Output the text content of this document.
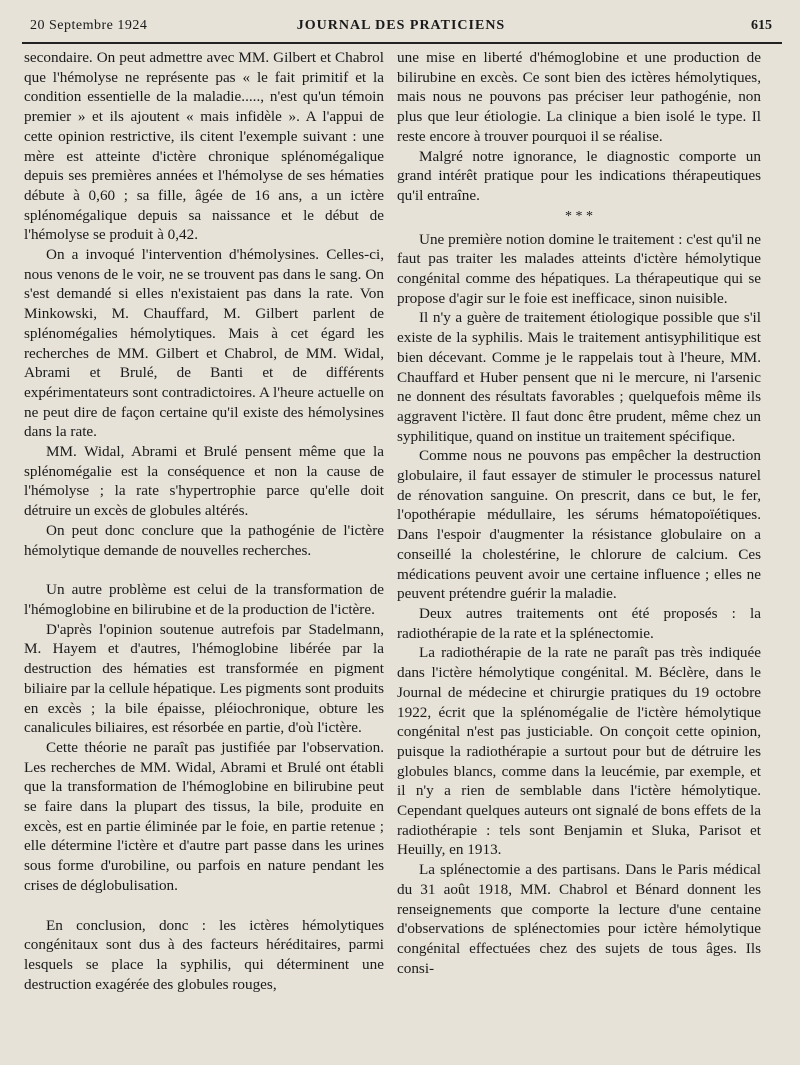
20 Septembre 1924	JOURNAL DES PRATICIENS	615

secondaire. On peut admettre avec MM. Gilbert et Chabrol que l'hémolyse ne représente pas « le fait primitif et la condition essentielle de la maladie....., n'est qu'un témoin premier » et ils ajoutent « mais infidèle ». A l'appui de cette opinion restrictive, ils citent l'exemple suivant : une mère est atteinte d'ictère chronique splénomégalique depuis ses premières années et l'hémolyse de ses hématies débute à 0,60 ; sa fille, âgée de 16 ans, a un ictère splénomégalique depuis sa naissance et le début de l'hémolyse se produit à 0,42.

On a invoqué l'intervention d'hémolysines. Celles-ci, nous venons de le voir, ne se trouvent pas dans le sang. On s'est demandé si elles n'existaient pas dans la rate. Von Minkowski, M. Chauffard, M. Gilbert parlent de splénomégalies hémolytiques. Mais à cet égard les recherches de MM. Gilbert et Chabrol, de MM. Widal, Abrami et Brulé, de Banti et de différents expérimentateurs sont contradictoires. A l'heure actuelle on ne peut dire de façon certaine qu'il existe des hémolysines dans la rate.

MM. Widal, Abrami et Brulé pensent même que la splénomégalie est la conséquence et non la cause de l'hémolyse ; la rate s'hypertrophie parce qu'elle doit détruire un excès de globules altérés.

On peut donc conclure que la pathogénie de l'ictère hémolytique demande de nouvelles recherches.

Un autre problème est celui de la transformation de l'hémoglobine en bilirubine et de la production de l'ictère.

D'après l'opinion soutenue autrefois par Stadelmann, M. Hayem et d'autres, l'hémoglobine libérée par la destruction des hématies est transformée en pigment biliaire par la cellule hépatique. Les pigments sont produits en excès ; la bile épaisse, pléiochronique, obture les canalicules biliaires, est résorbée en partie, d'où l'ictère.

Cette théorie ne paraît pas justifiée par l'observation. Les recherches de MM. Widal, Abrami et Brulé ont établi que la transformation de l'hémoglobine en bilirubine peut se faire dans la plupart des tissus, la bile, produite en excès, est en partie éliminée par le foie, en partie retenue ; elle détermine l'ictère et d'autre part passe dans les urines sous forme d'urobiline, ou parfois en nature pendant les crises de déglobulisation.

En conclusion, donc : les ictères hémolytiques congénitaux sont dus à des facteurs héréditaires, parmi lesquels se place la syphilis, qui déterminent une destruction exagérée des globules rouges,

une mise en liberté d'hémoglobine et une production de bilirubine en excès. Ce sont bien des ictères hémolytiques, mais nous ne pouvons pas préciser leur pathogénie, non plus que leur étiologie. La clinique a bien isolé le type. Il reste encore à trouver pourquoi il se réalise.

Malgré notre ignorance, le diagnostic comporte un grand intérêt pratique pour les indications thérapeutiques qu'il entraîne.

* * *

Une première notion domine le traitement : c'est qu'il ne faut pas traiter les malades atteints d'ictère hémolytique congénital comme des hépatiques. La thérapeutique qui se propose d'agir sur le foie est inefficace, sinon nuisible.

Il n'y a guère de traitement étiologique possible que s'il existe de la syphilis. Mais le traitement antisyphilitique est bien décevant. Comme je le rappelais tout à l'heure, MM. Chauffard et Huber pensent que ni le mercure, ni l'arsenic ne donnent des résultats favorables ; quelquefois même ils aggravent l'ictère. Il faut donc être prudent, même chez un syphilitique, quand on institue un traitement spécifique.

Comme nous ne pouvons pas empêcher la destruction globulaire, il faut essayer de stimuler le processus naturel de rénovation sanguine. On prescrit, dans ce but, le fer, l'opothérapie médullaire, les sérums hématopoïétiques. Dans l'espoir d'augmenter la résistance globulaire on a conseillé la cholestérine, le chlorure de calcium. Ces médications peuvent avoir une certaine influence ; elles ne peuvent prétendre guérir la maladie.

Deux autres traitements ont été proposés : la radiothérapie de la rate et la splénectomie.

La radiothérapie de la rate ne paraît pas très indiquée dans l'ictère hémolytique congénital. M. Béclère, dans le Journal de médecine et chirurgie pratiques du 19 octobre 1922, écrit que la splénomégalie de l'ictère hémolytique congénital n'est pas justiciable. On conçoit cette opinion, puisque la radiothérapie a surtout pour but de détruire les globules blancs, comme dans la leucémie, par exemple, et il n'y a rien de semblable dans l'ictère hémolytique. Cependant quelques auteurs ont signalé de bons effets de la radiothérapie : tels sont Benjamin et Sluka, Parisot et Heuilly, en 1913.

La splénectomie a des partisans. Dans le Paris médical du 31 août 1918, MM. Chabrol et Bénard donnent les renseignements que comporte la lecture d'une centaine d'observations de splénectomies pour ictère hémolytique congénital effectuées chez des sujets de tous âges. Ils consi-
